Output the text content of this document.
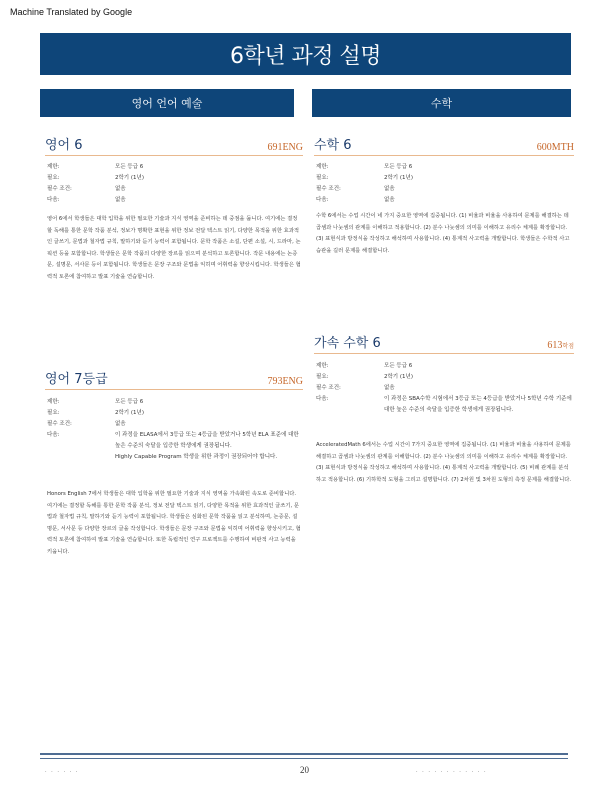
Machine Translated by Google
6학년 과정 설명
영어 언어 예술	수학
영어 6	691ENG
제한:	모든 등급 6
필요:	2학기 (1년)
필수 조건:	없음
다음:	없음
영어 6에서 학생들은 대학 입학을 위한 필요한 기술과 지식 영역을 준비하는 데 중점을 둡니다. 여기에는 결정할 독해를 통한 문학 작품 분석, 정보가 명확한 표현을 위한 정보 전달 텍스트 읽기, 다양한 목적을 위한 효과적인 글쓰기, 문법과 철자법 규칙, 말하기와 듣기 능력이 포함됩니다. 문학 작품은 소설, 단편 소설, 시, 드라마, 논픽션 등을 포함합니다. 학생들은 문학 작품의 다양한 장르를 읽으며 분석하고 토론합니다. 작문 내용에는 논증문, 설명문, 서사문 등이 포함됩니다. 학생들은 문장 구조와 문법을 익히며 어휘력을 향상시킵니다. 학생들은 협력적 토론에 참여하고 발표 기술을 연습합니다.
영어 7등급	793ENG
제한:	모든 등급 6
필요:	2학기 (1년)
필수 조건:	없음
다음:	이 과정을 ELASA에서 3등급 또는 4등급을 받았거나 5학년 ELA 표준에 대한 높은 수준의 숙달을 입증한 학생에게 권장됩니다.
Highly Capable Program 학생을 위한 과정이 권장되어야 합니다.
Honors English 7에서 학생들은 대학 입학을 위한 필요한 기술과 지식 영역을 가속화된 속도로 준비합니다. 여기에는 결정할 독해를 통한 문학 작품 분석, 정보 전달 텍스트 읽기, 다양한 목적을 위한 효과적인 글쓰기, 문법과 철자법 규칙, 말하기와 듣기 능력이 포함됩니다. 학생들은 심화된 문학 작품을 읽고 분석하며, 논증문, 설명문, 서사문 등 다양한 장르의 글을 작성합니다. 학생들은 문장 구조와 문법을 익히며 어휘력을 향상시키고, 협력적 토론에 참여하여 발표 기술을 연습합니다. 또한 독립적인 연구 프로젝트를 수행하여 비판적 사고 능력을 키웁니다.
수학 6	600MTH
제한:	모든 등급 6
필요:	2학기 (1년)
필수 조건:	없음
다음:	없음
수학 6에서는 수업 시간이 네 가지 중요한 영역에 집중됩니다. (1) 비율과 비율을 사용하여 문제를 해결하는 데 곱셈과 나눗셈의 관계를 이해하고 적용합니다. (2) 분수 나눗셈의 의미를 이해하고 유리수 체계를 확장합니다. (3) 표현식과 방정식을 작성하고 해석하며 사용합니다. (4) 통계적 사고력을 개발합니다. 학생들은 수학적 사고 습관을 길러 문제를 해결합니다.
가속 수학 6	613학점
제한:	모든 등급 6
필요:	2학기 (1년)
필수 조건:	없음
다음:	이 과정은 SBA수학 시험에서 3등급 또는 4등급을 받았거나 5학년 수학 기준에 대한 높은 수준의 숙달을 입증한 학생에게 권장됩니다.
AcceleratedMath 6에서는 수업 시간이 7가지 중요한 영역에 집중됩니다. (1) 비율과 비율을 사용하여 문제를 해결하고 곱셈과 나눗셈의 관계를 이해합니다. (2) 분수 나눗셈의 의미를 이해하고 유리수 체계를 확장합니다. (3) 표현식과 방정식을 작성하고 해석하며 사용합니다. (4) 통계적 사고력을 개발합니다. (5) 비례 관계를 분석하고 적용합니다. (6) 기하학적 도형을 그리고 설명합니다. (7) 2차원 및 3차원 도형의 측정 문제를 해결합니다.
· · · · · ·	20	· · · · · · · · · · · ·
